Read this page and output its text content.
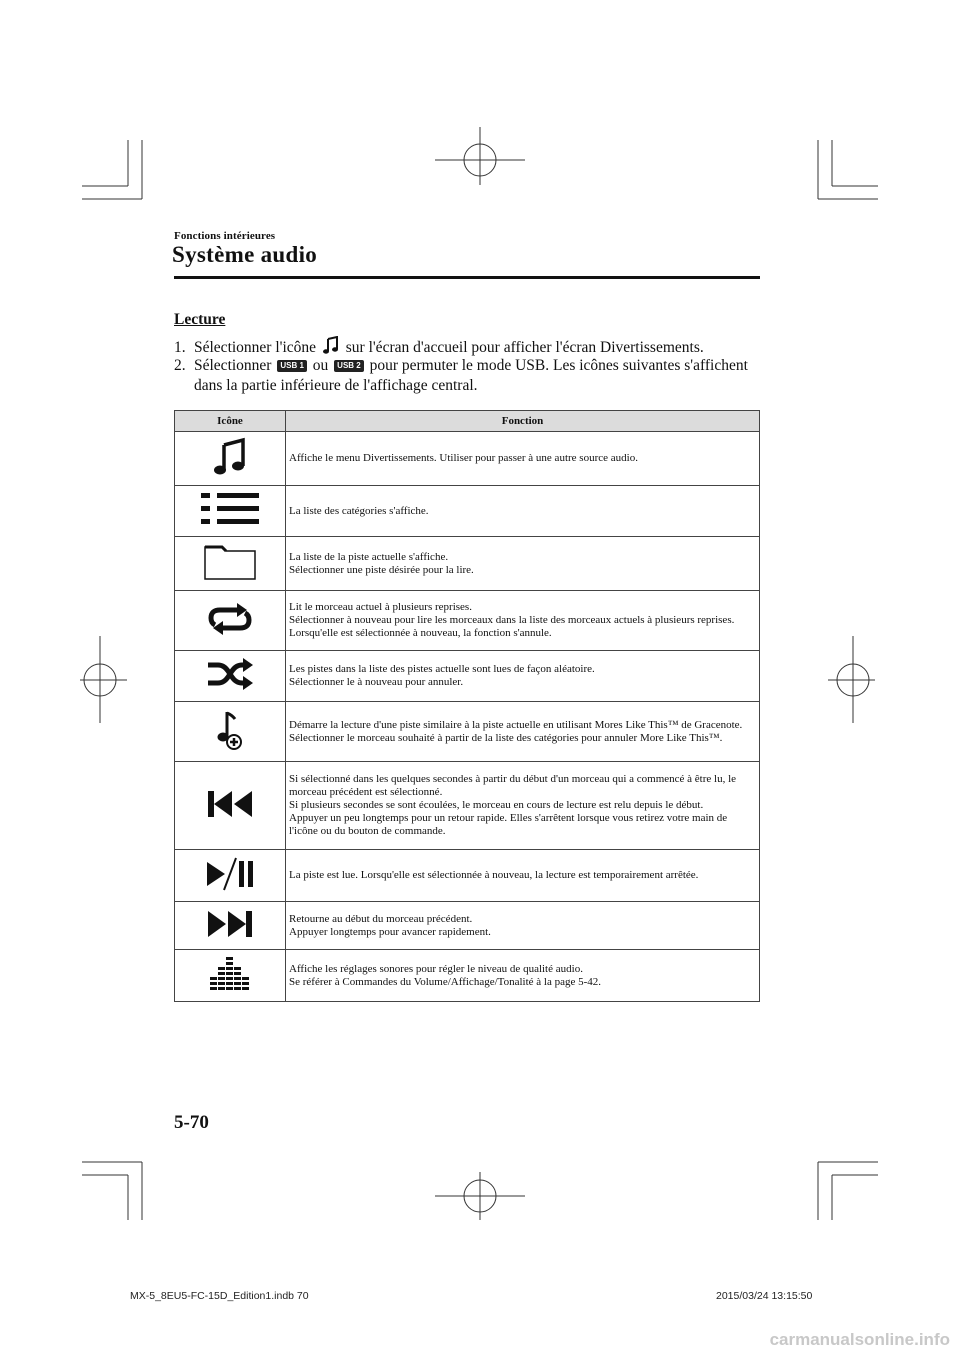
Fonctions intérieures
Système audio
Lecture
1. Sélectionner l'icône sur l'écran d'accueil pour afficher l'écran Divertissements.
2. Sélectionner USB 1 ou USB 2 pour permuter le mode USB. Les icônes suivantes s'affichent
dans la partie inférieure de l'affichage central.
Icône	Fonction

Affiche le menu Divertissements. Utiliser pour passer à une autre source audio.

La liste des catégories s'affiche.

La liste de la piste actuelle s'affiche.
Sélectionner une piste désirée pour la lire.

Lit le morceau actuel à plusieurs reprises.
Sélectionner à nouveau pour lire les morceaux dans la liste des morceaux actuels à plusieurs reprises.
Lorsqu'elle est sélectionnée à nouveau, la fonction s'annule.

Les pistes dans la liste des pistes actuelle sont lues de façon aléatoire.
Sélectionner le à nouveau pour annuler.

Démarre la lecture d'une piste similaire à la piste actuelle en utilisant Mores Like This™ de Gracenote.
Sélectionner le morceau souhaité à partir de la liste des catégories pour annuler More Like This™.

Si sélectionné dans les quelques secondes à partir du début d'un morceau qui a commencé à être lu, le morceau précédent est sélectionné.
Si plusieurs secondes se sont écoulées, le morceau en cours de lecture est relu depuis le début.
Appuyer un peu longtemps pour un retour rapide. Elles s'arrêtent lorsque vous retirez votre main de l'icône ou du bouton de commande.

La piste est lue. Lorsqu'elle est sélectionnée à nouveau, la lecture est temporairement arrêtée.

Retourne au début du morceau précédent.
Appuyer longtemps pour avancer rapidement.

Affiche les réglages sonores pour régler le niveau de qualité audio.
Se référer à Commandes du Volume/Affichage/Tonalité à la page 5-42.
5-70
MX-5_8EU5-FC-15D_Edition1.indb 70	2015/03/24 13:15:50
carmanualsonline.info
